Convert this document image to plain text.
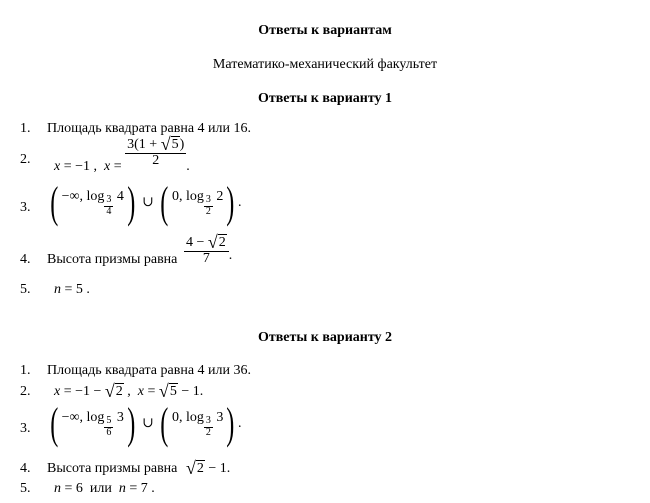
Ответы к вариантам
Математико-механический факультет
Ответы к варианту 1
1. Площадь квадрата равна 4 или 16.
2.	x = −1 ,  $x = \frac{3(1 + √5)}{2}$ .
3. ( −∞, $\log \frac{3}{4} 4$) ∪ ( 0, $\log \frac{3}{2} 2$) .
4. Высота призмы равна $\frac{4 - √2}{7}$ .
5.	n = 5 .
Ответы к варианту 2
1. Площадь квадрата равна 4 или 36.
2.	x = −1 − √2 ,  x = √5 − 1.
3. ( −∞, $\log \frac{5}{6} 3$) ∪ ( 0, $\log \frac{3}{2} 3$) .
4. Высота призмы равна √2 − 1.
5.	n = 6  или n = 7 .
